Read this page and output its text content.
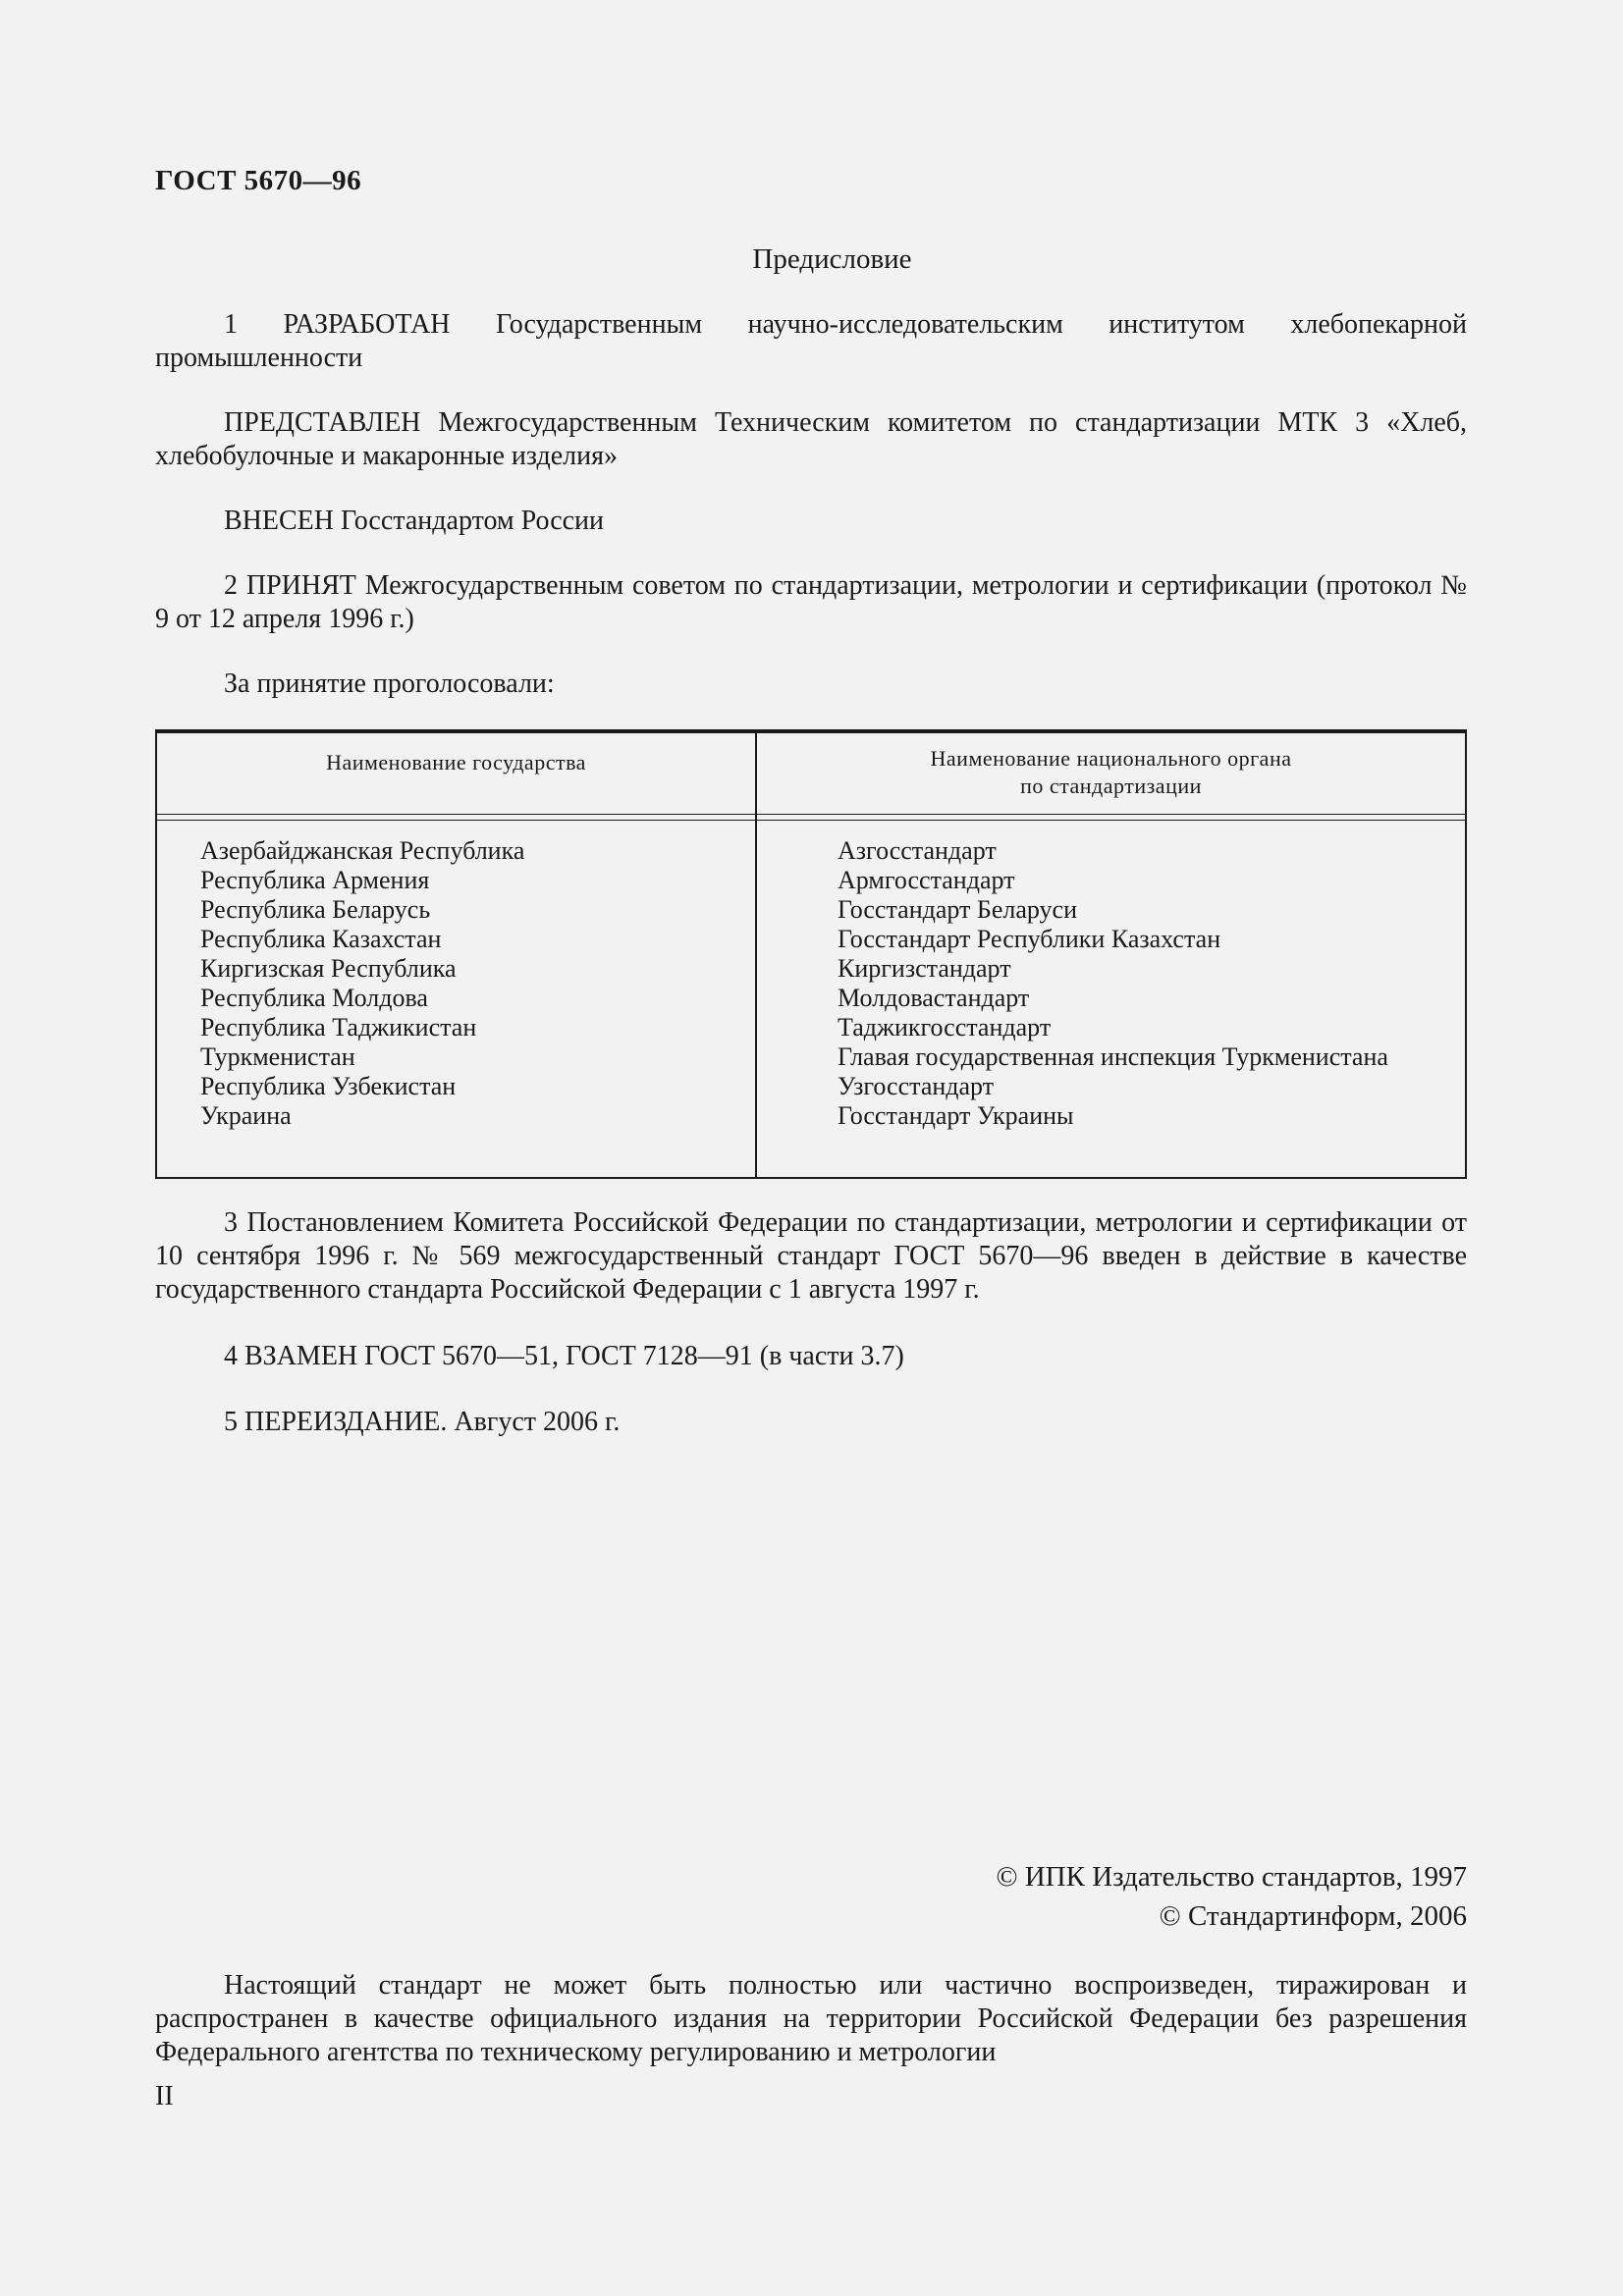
ГОСТ 5670—96
Предисловие
1 РАЗРАБОТАН Государственным научно-исследовательским институтом хлебопекарной промышленности
ПРЕДСТАВЛЕН Межгосударственным Техническим комитетом по стандартизации МТК 3 «Хлеб, хлебобулочные и макаронные изделия»
ВНЕСЕН Госстандартом России
2 ПРИНЯТ Межгосударственным советом по стандартизации, метрологии и сертификации (протокол № 9 от 12 апреля 1996 г.)
За принятие проголосовали:
Наименование государства	Наименование национального органа
по стандартизации
Азербайджанская Республика
Республика Армения
Республика Беларусь
Республика Казахстан
Киргизская Республика
Республика Молдова
Республика Таджикистан
Туркменистан
Республика Узбекистан
Украина
Азгосстандарт
Армгосстандарт
Госстандарт Беларуси
Госстандарт Республики Казахстан
Киргизстандарт
Молдовастандарт
Таджикгосстандарт
Главая государственная инспекция Туркменистана
Узгосстандарт
Госстандарт Украины
3 Постановлением Комитета Российской Федерации по стандартизации, метрологии и сертификации от 10 сентября 1996 г. № 569 межгосударственный стандарт ГОСТ 5670—96 введен в действие в качестве государственного стандарта Российской Федерации с 1 августа 1997 г.
4 ВЗАМЕН ГОСТ 5670—51, ГОСТ 7128—91 (в части 3.7)
5 ПЕРЕИЗДАНИЕ. Август 2006 г.
© ИПК Издательство стандартов, 1997
© Стандартинформ, 2006
Настоящий стандарт не может быть полностью или частично воспроизведен, тиражирован и распространен в качестве официального издания на территории Российской Федерации без разрешения Федерального агентства по техническому регулированию и метрологии
II
